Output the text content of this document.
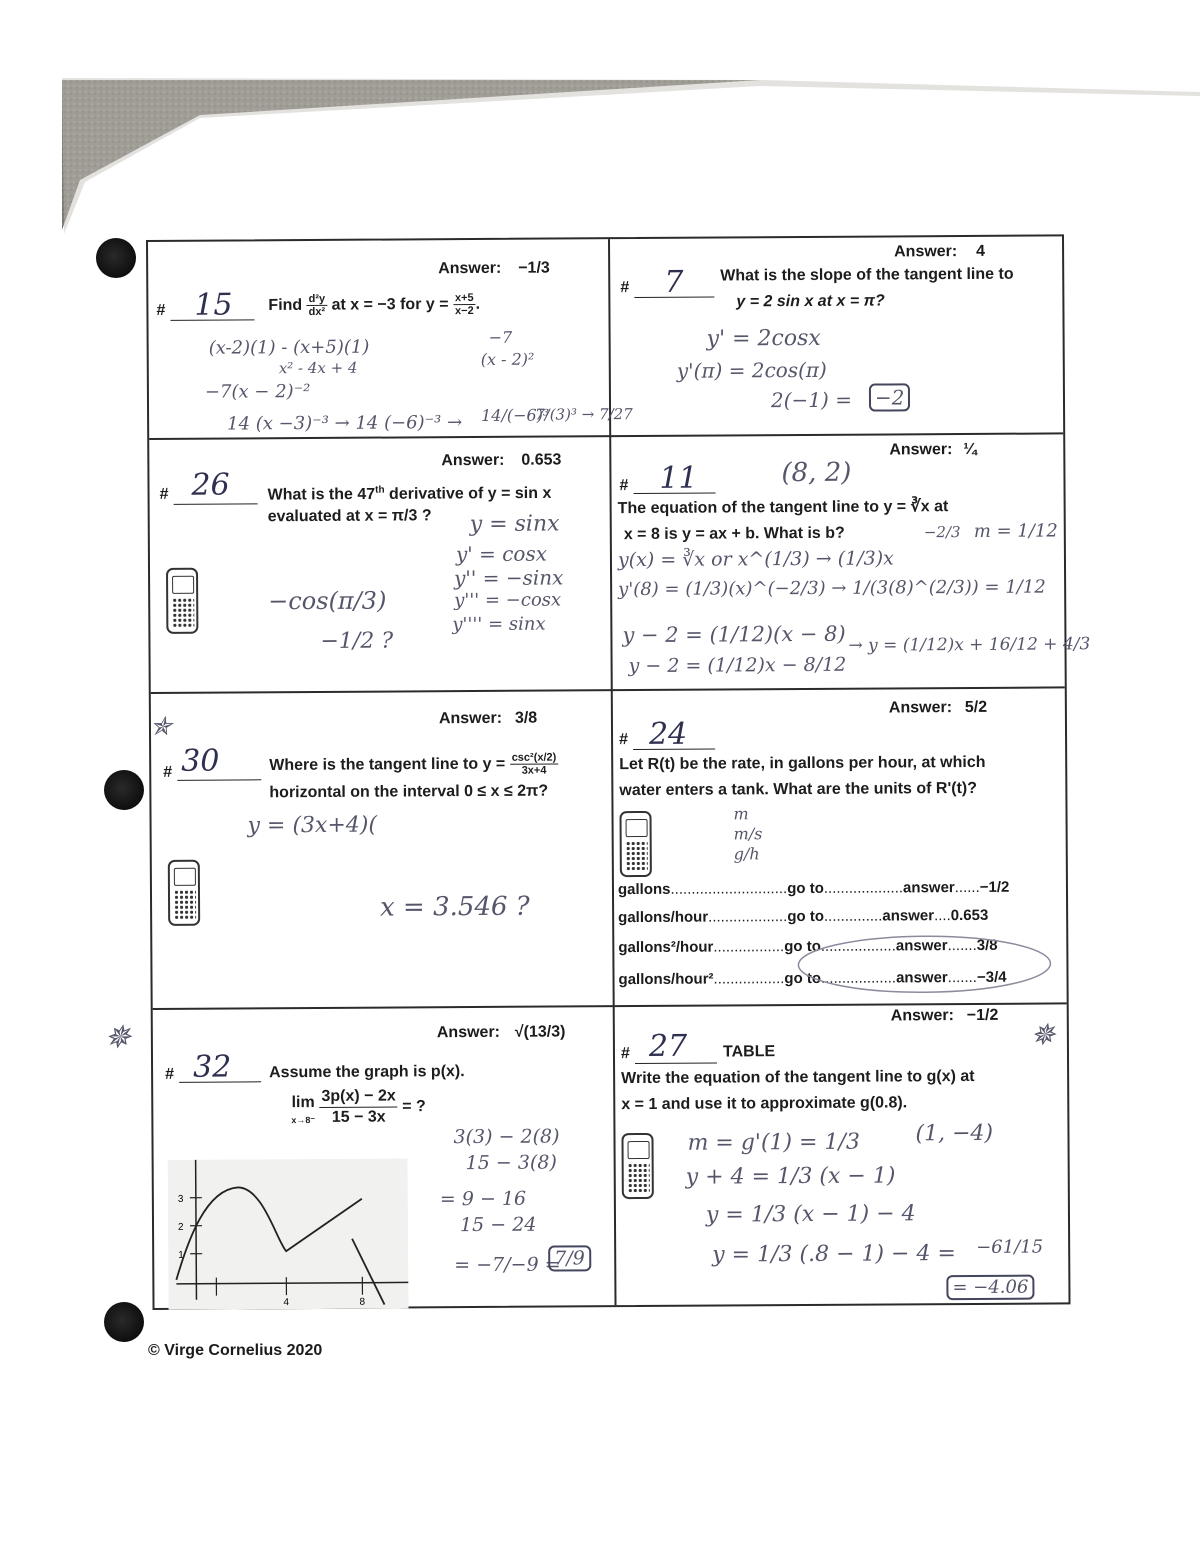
✯
✵	✵
Answer: −1/3
# 15 Find $\frac{\text{d²y}}{\text{dx²}}$ at x = −3 for $y = \frac{x+5}{x-2}$ .
(x-2)(1) - (x+5)(1)	−7
x² - 4x + 4	(x - 2)²
−7(x − 2)⁻²
14 (x −3)⁻³ → 14 (−6)⁻³ → 14/(−6)³
7/(3)³ → 7/27
Answer: 4
# 7 What is the slope of the tangent line to
y = 2 sin x at x = π?
y' = 2cosx
y'(π) = 2cos(π)
2(−1) = −2
Answer: 0.653
# 26 What is the 47th derivative of y = sin x
evaluated at x = π/3 ? y = sinx
y' = cosx
y'' = −sinx
y''' = −cosx
y'''' = sinx
−cos(π/3)
−1/2 ?
Answer: ¼
# 11	(8, 2)
The equation of the tangent line to y = ∛x at
x = 8 is y = ax + b. What is b?	−2/3 m = 1/12
y(x) = ∛x or x^(1/3) → (1/3)x
y'(8) = (1/3)(x)^(−2/3) → 1/(3(8)^(2/3)) = 1/12
y − 2 = (1/12)(x − 8)
y − 2 = (1/12)x − 8/12
→ y = (1/12)x + 16/12 + 4/3
Answer: 3/8
# 30	Where is the tangent line to $y = \frac{\text{csc²(x/2)}}{3x+4}$
horizontal on the interval 0 ≤ x ≤ 2π?
y = (3x+4)(
x = 3.546 ?
Answer: 5/2
# 24
Let R(t) be the rate, in gallons per hour, at which
water enters a tank. What are the units of R'(t)?
m
m/s
g/h
gallons............................go to...................answer......−1/2
gallons/hour...................go to..............answer....0.653
gallons²/hour.................go to..................answer.......3/8
gallons/hour².................go to..................answer.......−3/4
Answer: √(13/3)
# 32 Assume the graph is p(x).
lim
x→8⁻
$\frac{3p(x) - 2x}{15 - 3x}$ = ?
3
2
1
4	8
3(3) − 2(8)
15 − 3(8)
= 9 − 16
15 − 24
= −7/−9 =
7/9
Answer: −1/2
# 27 TABLE
Write the equation of the tangent line to g(x) at
x = 1 and use it to approximate g(0.8).
m = g'(1) = 1/3	(1, −4)
y + 4 = 1/3 (x − 1)
y = 1/3 (x − 1) − 4
y = 1/3 (.8 − 1) − 4 = −61/15
= −4.06
© Virge Cornelius 2020
